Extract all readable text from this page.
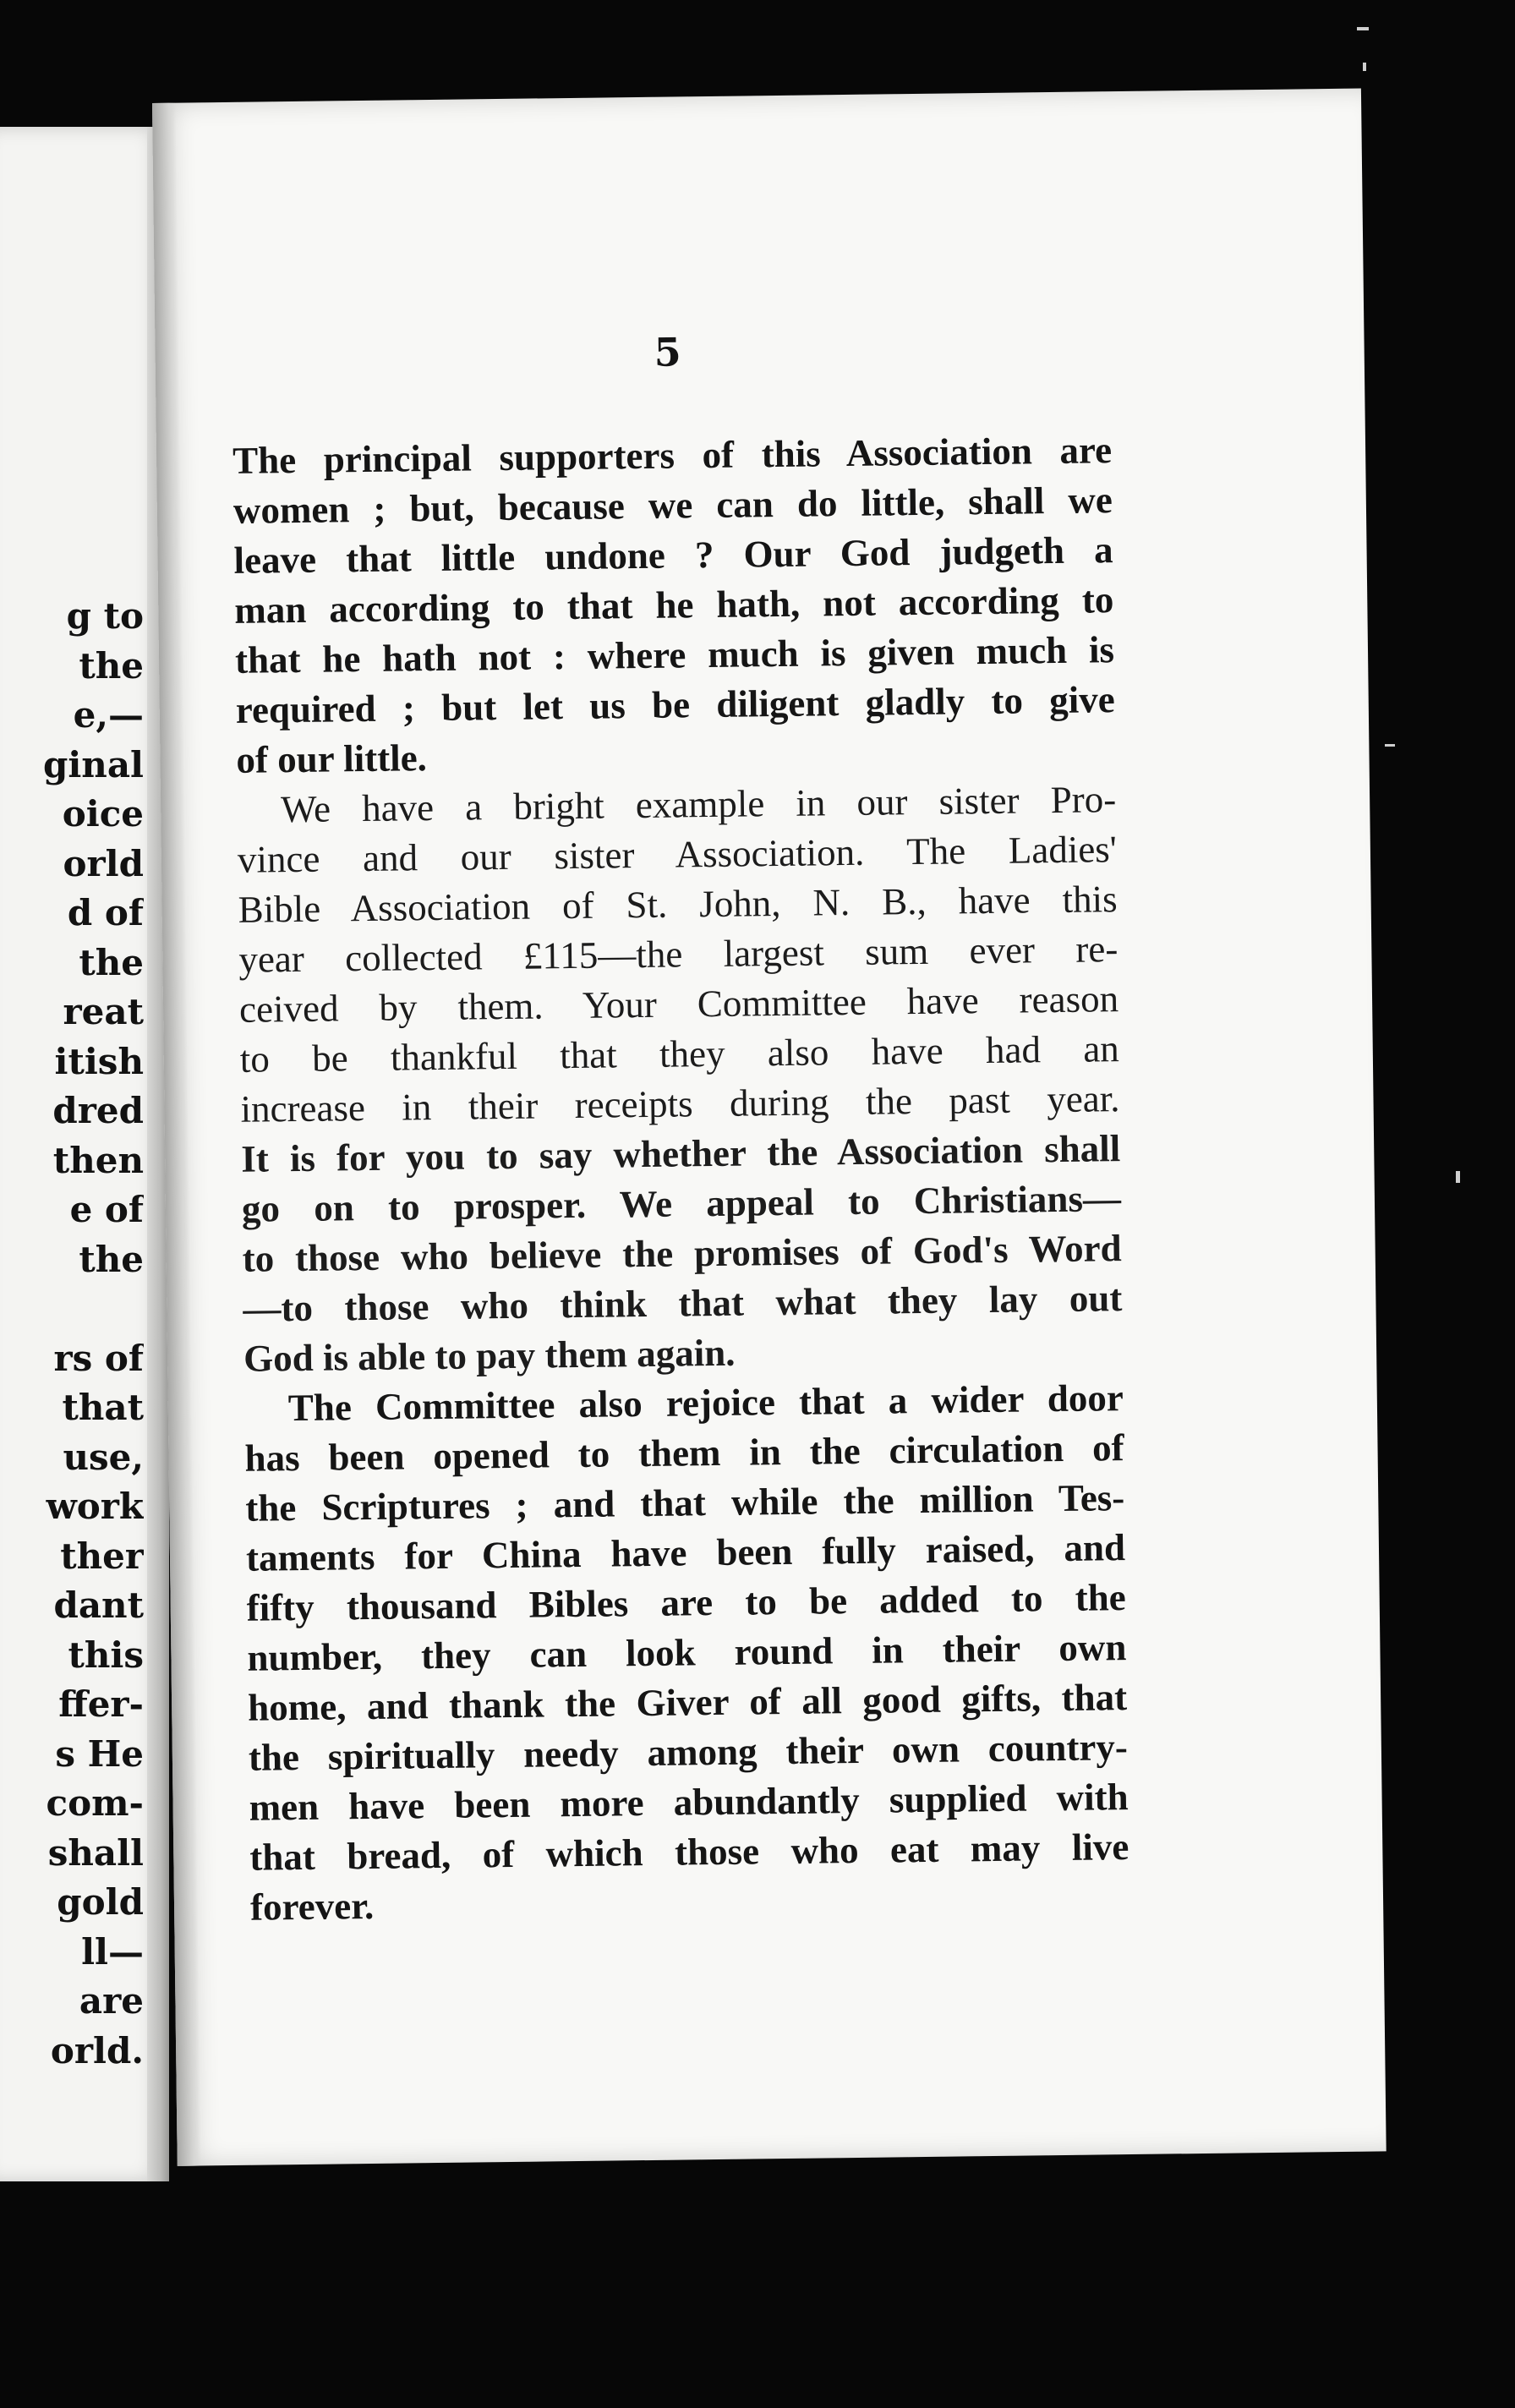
g to
the
e,—
ginal
oice
orld
d of
the
reat
itish
dred
then
e of
the
rs of
that
use,
work
ther
dant
this
ffer-
s He
com-
shall
gold
ll—
are
orld.
5
The principal supporters of this Association are
women ; but, because we can do little, shall we
leave that little undone ? Our God judgeth a
man according to that he hath, not according to
that he hath not : where much is given much is
required ; but let us be diligent gladly to give
of our little.
We have a bright example in our sister Pro-
vince and our sister Association. The Ladies'
Bible Association of St. John, N. B., have this
year collected £115—the largest sum ever re-
ceived by them. Your Committee have reason
to be thankful that they also have had an
increase in their receipts during the past year.
It is for you to say whether the Association shall
go on to prosper. We appeal to Christians—
to those who believe the promises of God's Word
—to those who think that what they lay out
God is able to pay them again.
The Committee also rejoice that a wider door
has been opened to them in the circulation of
the Scriptures ; and that while the million Tes-
taments for China have been fully raised, and
fifty thousand Bibles are to be added to the
number, they can look round in their own
home, and thank the Giver of all good gifts, that
the spiritually needy among their own country-
men have been more abundantly supplied with
that bread, of which those who eat may live
forever.
